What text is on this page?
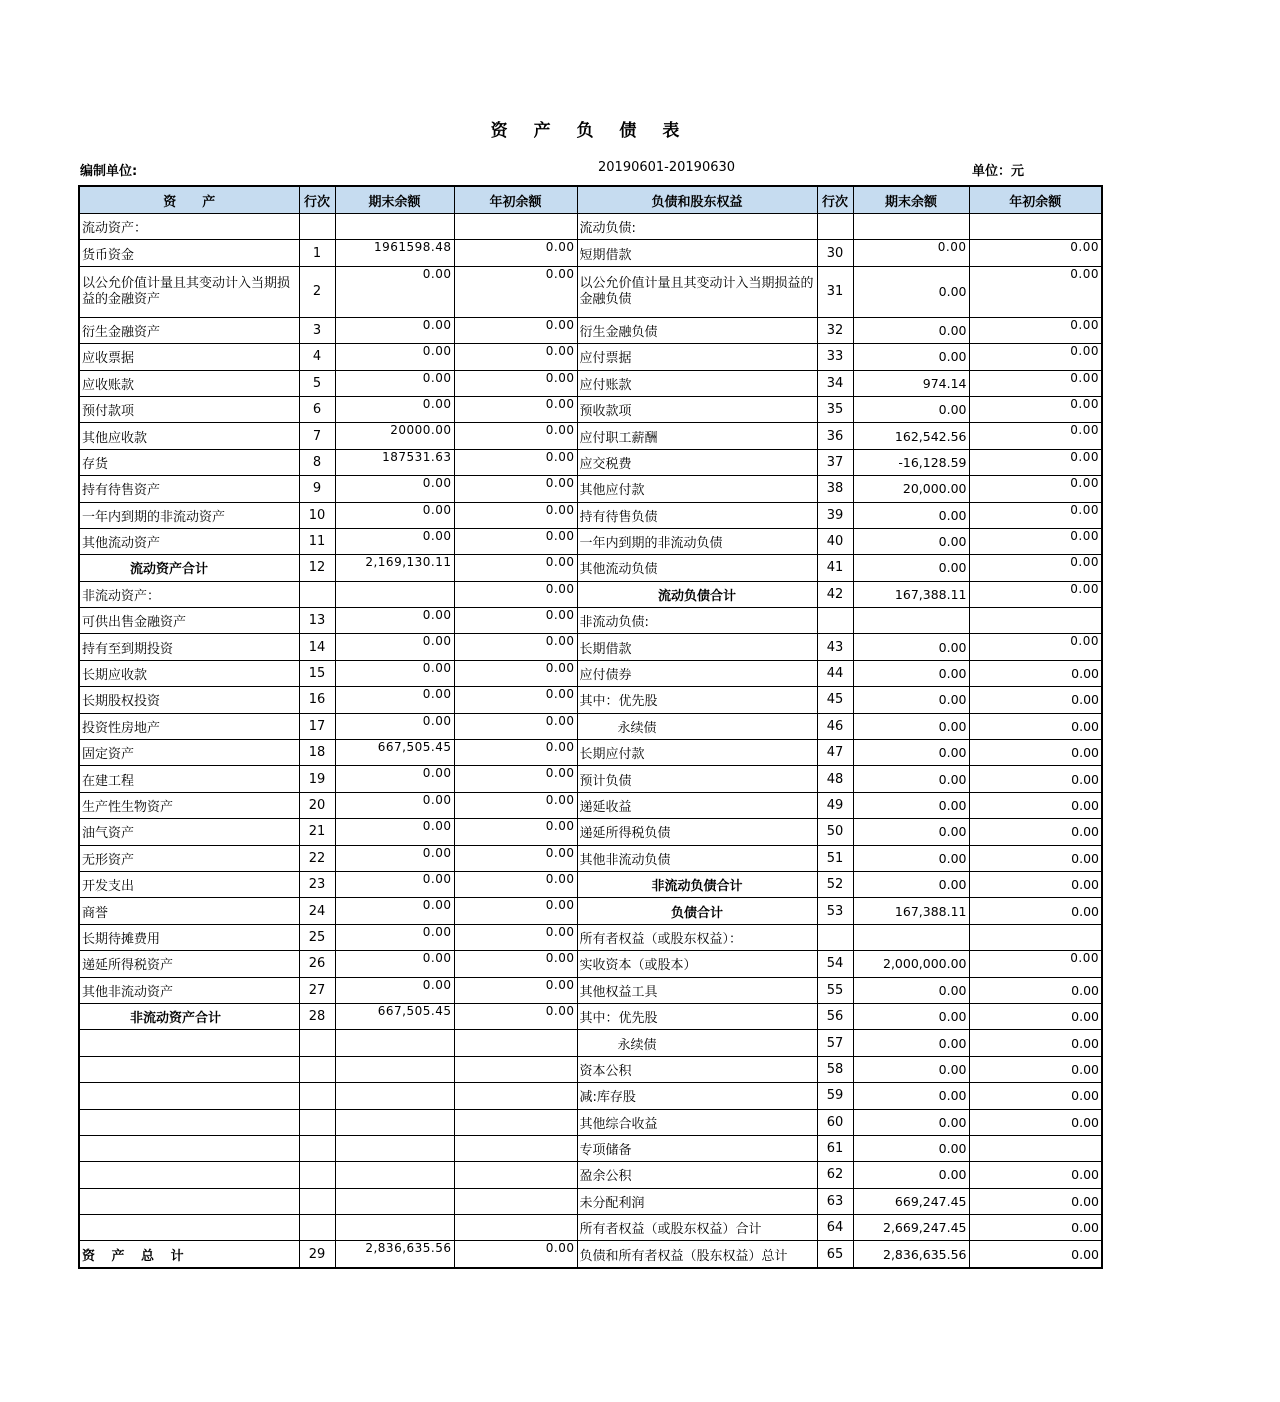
资 产 负 债 表
编制单位:	20190601-20190630	单位：元
资　　产	行次	期末余额	年初余额	负债和股东权益	行次	期末余额	年初余额
流动资产：				流动负债:			
货币资金	1	1961598.48	0.00	短期借款	30	0.00	0.00
以公允价值计量且其变动计入当期损益的金融资产	2	0.00	0.00	以公允价值计量且其变动计入当期损益的金融负债	31	0.00	0.00
衍生金融资产	3	0.00	0.00	衍生金融负债	32	0.00	0.00
应收票据	4	0.00	0.00	应付票据	33	0.00	0.00
应收账款	5	0.00	0.00	应付账款	34	974.14	0.00
预付款项	6	0.00	0.00	预收款项	35	0.00	0.00
其他应收款	7	20000.00	0.00	应付职工薪酬	36	162,542.56	0.00
存货	8	187531.63	0.00	应交税费	37	-16,128.59	0.00
持有待售资产	9	0.00	0.00	其他应付款	38	20,000.00	0.00
一年内到期的非流动资产	10	0.00	0.00	持有待售负债	39	0.00	0.00
其他流动资产	11	0.00	0.00	一年内到期的非流动负债	40	0.00	0.00
流动资产合计	12	2,169,130.11	0.00	其他流动负债	41	0.00	0.00
非流动资产：			0.00	流动负债合计	42	167,388.11	0.00
可供出售金融资产	13	0.00	0.00	非流动负债:			
持有至到期投资	14	0.00	0.00	长期借款	43	0.00	0.00
长期应收款	15	0.00	0.00	应付债券	44	0.00	0.00
长期股权投资	16	0.00	0.00	其中：优先股	45	0.00	0.00
投资性房地产	17	0.00	0.00	永续债	46	0.00	0.00
固定资产	18	667,505.45	0.00	长期应付款	47	0.00	0.00
在建工程	19	0.00	0.00	预计负债	48	0.00	0.00
生产性生物资产	20	0.00	0.00	递延收益	49	0.00	0.00
油气资产	21	0.00	0.00	递延所得税负债	50	0.00	0.00
无形资产	22	0.00	0.00	其他非流动负债	51	0.00	0.00
开发支出	23	0.00	0.00	非流动负债合计	52	0.00	0.00
商誉	24	0.00	0.00	负债合计	53	167,388.11	0.00
长期待摊费用	25	0.00	0.00	所有者权益（或股东权益）：			
递延所得税资产	26	0.00	0.00	实收资本（或股本）	54	2,000,000.00	0.00
其他非流动资产	27	0.00	0.00	其他权益工具	55	0.00	0.00
非流动资产合计	28	667,505.45	0.00	其中：优先股	56	0.00	0.00
				永续债	57	0.00	0.00
				资本公积	58	0.00	0.00
				减:库存股	59	0.00	0.00
				其他综合收益	60	0.00	0.00
				专项储备	61	0.00	
				盈余公积	62	0.00	0.00
				未分配利润	63	669,247.45	0.00
				所有者权益（或股东权益）合计	64	2,669,247.45	0.00
资 产 总 计	29	2,836,635.56	0.00	负债和所有者权益（股东权益）总计	65	2,836,635.56	0.00
